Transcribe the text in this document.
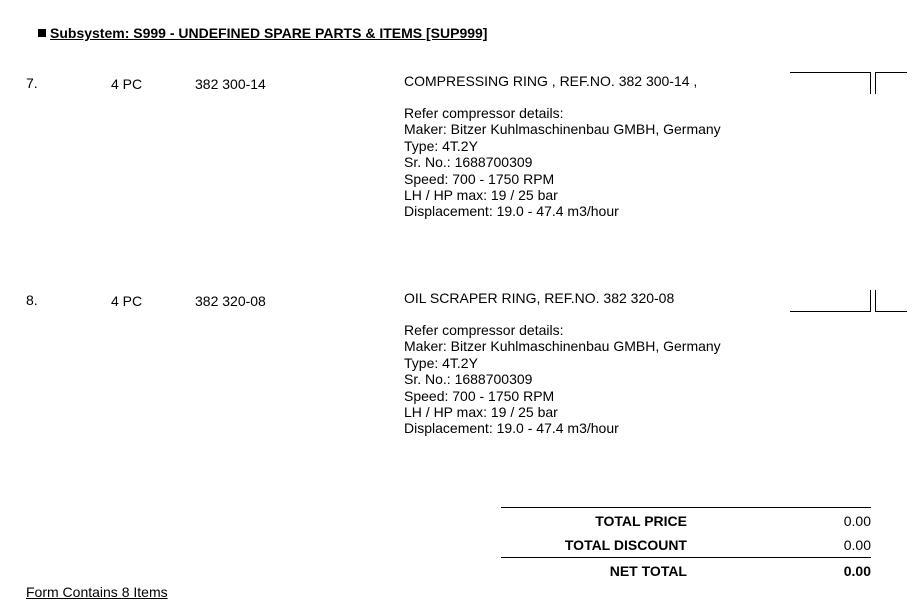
Subsystem: S999 - UNDEFINED SPARE PARTS & ITEMS [SUP999]
7.	4 PC	382 300-14	COMPRESSING RING , REF.NO. 382 300-14 ,
Refer compressor details:
Maker: Bitzer Kuhlmaschinenbau GMBH, Germany
Type: 4T.2Y
Sr. No.: 1688700309
Speed: 700 - 1750 RPM
LH / HP max: 19 / 25 bar
Displacement: 19.0 - 47.4 m3/hour
8.	4 PC	382 320-08	OIL SCRAPER RING, REF.NO. 382 320-08
Refer compressor details:
Maker: Bitzer Kuhlmaschinenbau GMBH, Germany
Type: 4T.2Y
Sr. No.: 1688700309
Speed: 700 - 1750 RPM
LH / HP max: 19 / 25 bar
Displacement: 19.0 - 47.4 m3/hour
TOTAL PRICE	0.00
TOTAL DISCOUNT	0.00
NET TOTAL	0.00
Form Contains 8 Items
